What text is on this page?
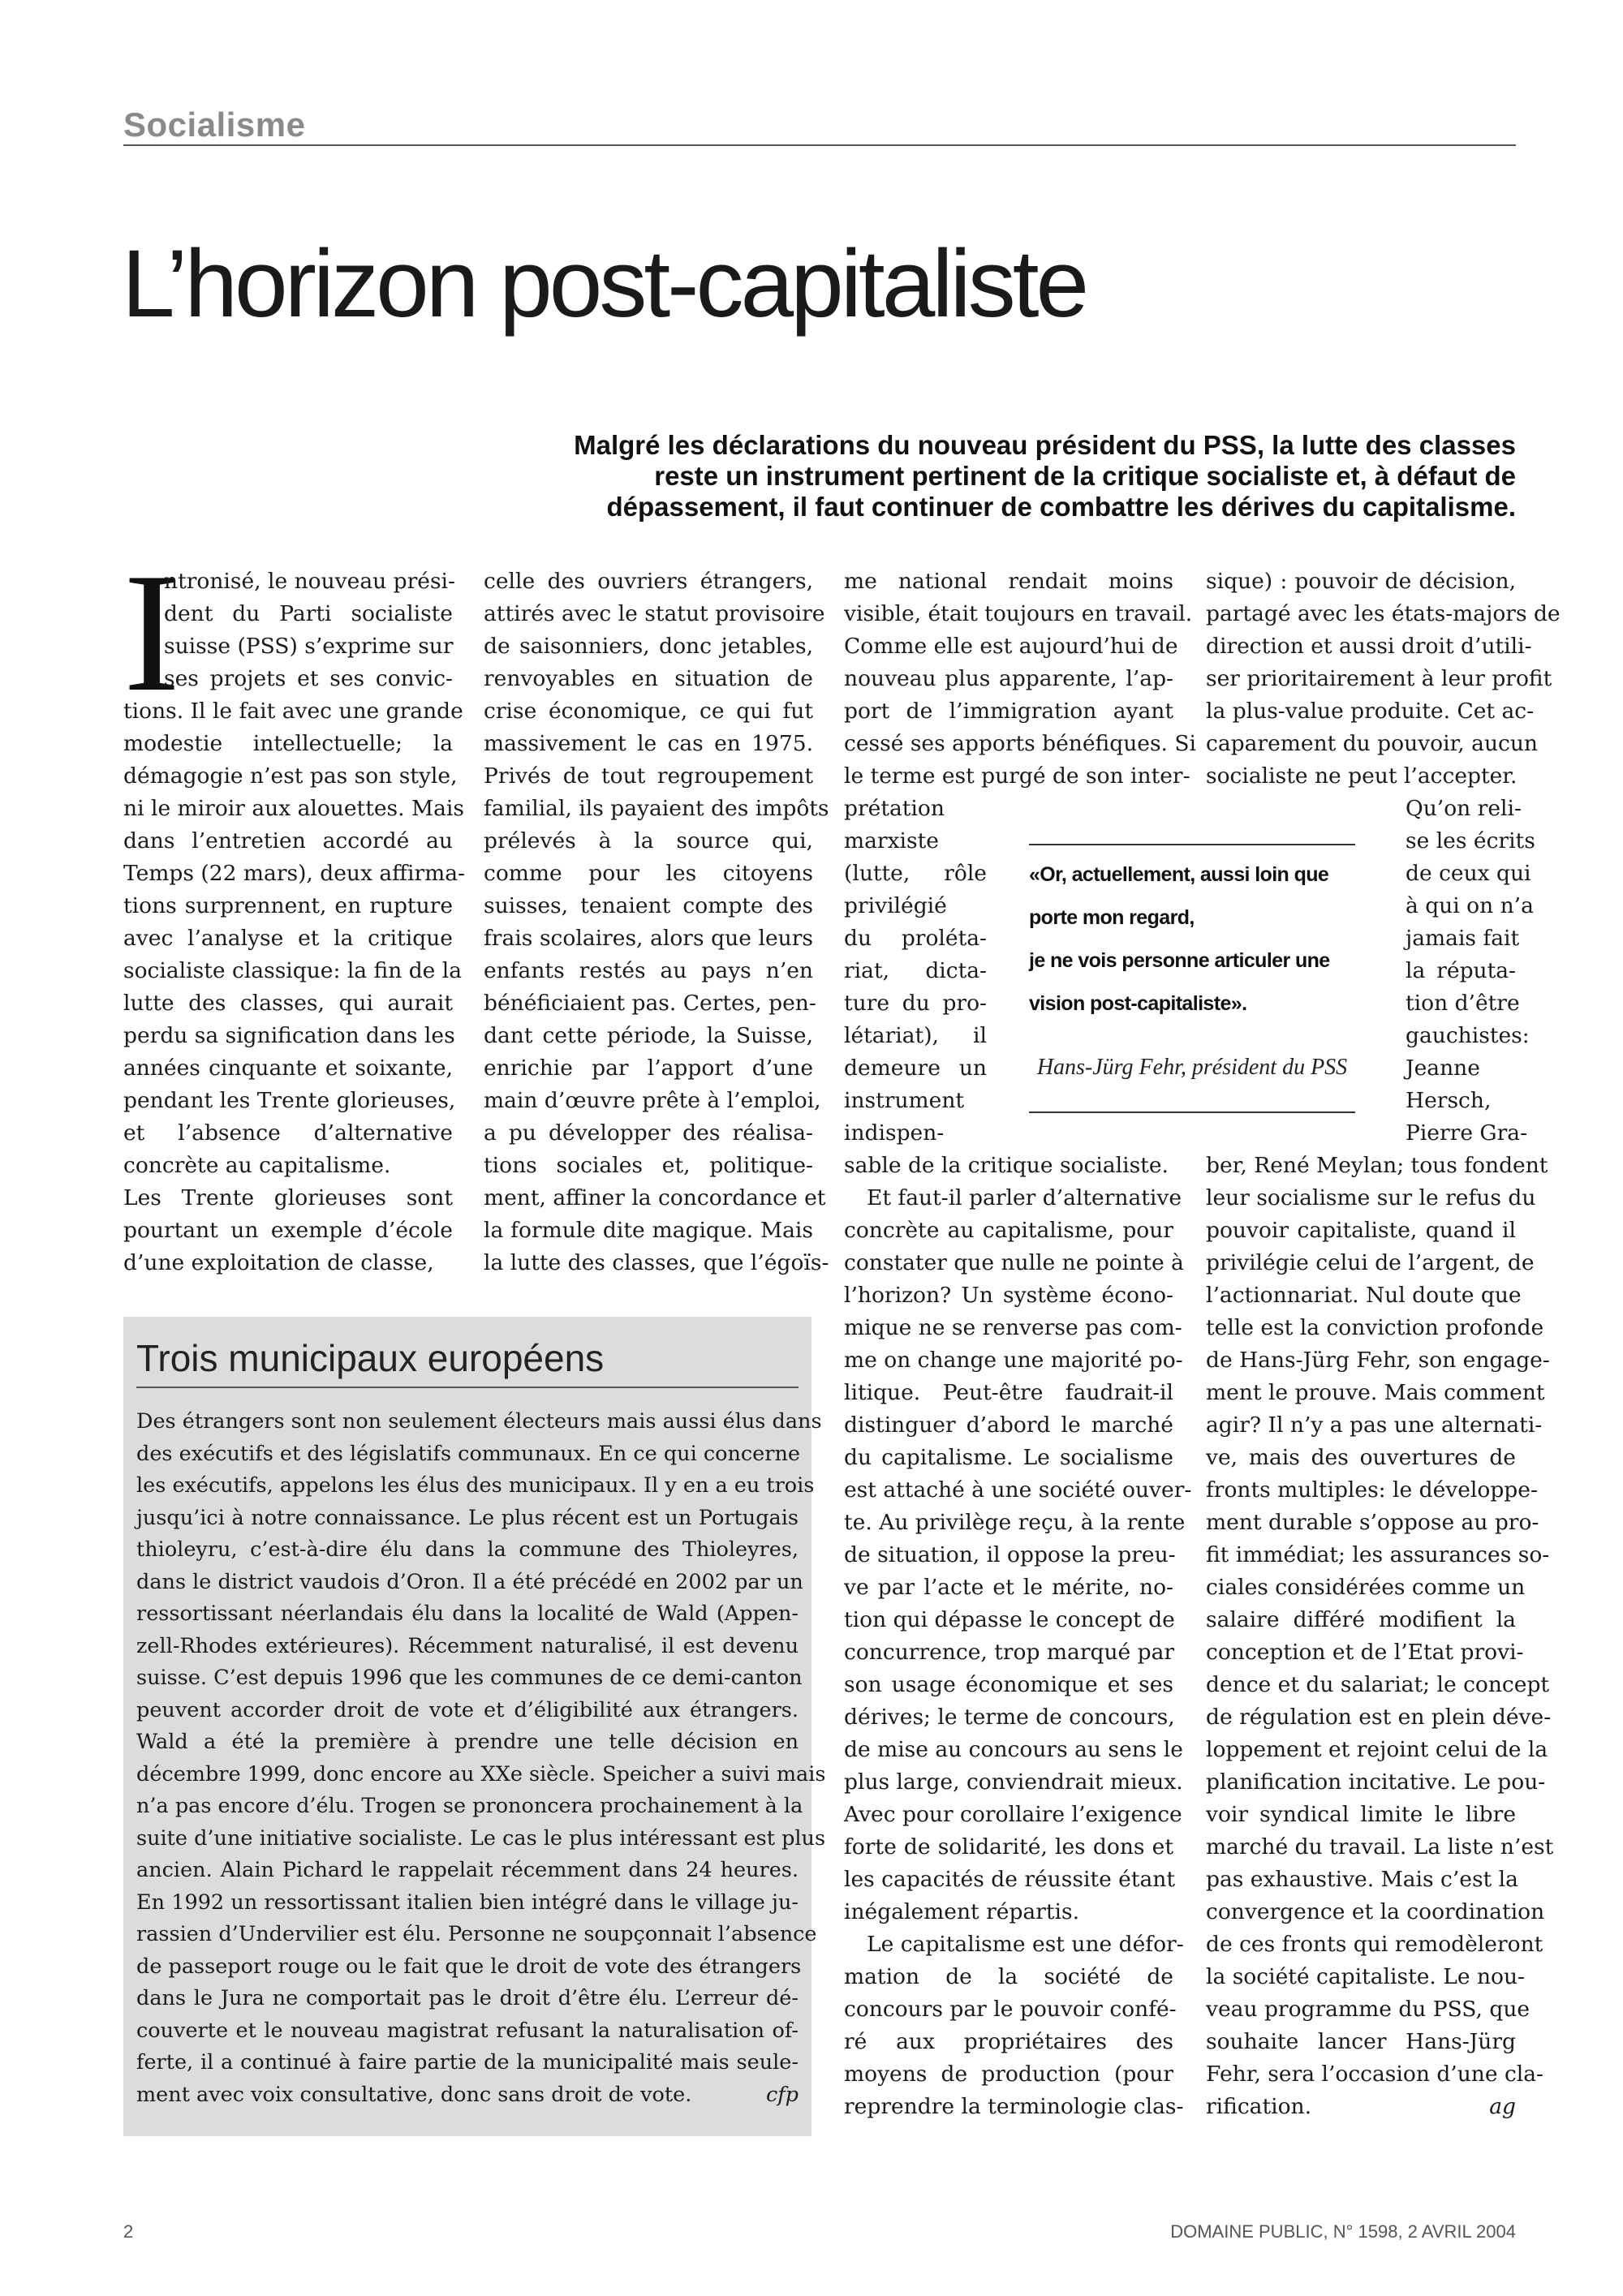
Socialisme
L’horizon post-capitaliste
Malgré les déclarations du nouveau président du PSS, la lutte des classes
reste un instrument pertinent de la critique socialiste et, à défaut de
dépassement, il faut continuer de combattre les dérives du capitalisme.
I
ntronisé, le nouveau prési-
dent du Parti socialiste
suisse (PSS) s’exprime sur
ses projets et ses convic-
tions. Il le fait avec une grande
modestie intellectuelle; la
démagogie n’est pas son style,
ni le miroir aux alouettes. Mais
dans l’entretien accordé au
Temps (22 mars), deux affirma-
tions surprennent, en rupture
avec l’analyse et la critique
socialiste classique: la fin de la
lutte des classes, qui aurait
perdu sa signification dans les
années cinquante et soixante,
pendant les Trente glorieuses,
et l’absence d’alternative
concrète au capitalisme.
Les Trente glorieuses sont
pourtant un exemple d’école
d’une exploitation de classe,
celle des ouvriers étrangers,
attirés avec le statut provisoire
de saisonniers, donc jetables,
renvoyables en situation de
crise économique, ce qui fut
massivement le cas en 1975.
Privés de tout regroupement
familial, ils payaient des impôts
prélevés à la source qui,
comme pour les citoyens
suisses, tenaient compte des
frais scolaires, alors que leurs
enfants restés au pays n’en
bénéficiaient pas. Certes, pen-
dant cette période, la Suisse,
enrichie par l’apport d’une
main d’œuvre prête à l’emploi,
a pu développer des réalisa-
tions sociales et, politique-
ment, affiner la concordance et
la formule dite magique. Mais
la lutte des classes, que l’égoïs-
me national rendait moins
visible, était toujours en travail.
Comme elle est aujourd’hui de
nouveau plus apparente, l’ap-
port de l’immigration ayant
cessé ses apports bénéfiques. Si
le terme est purgé de son inter-
prétation
marxiste
(lutte, rôle
privilégié
du proléta-
riat, dicta-
ture du pro-
létariat), il
demeure un
instrument
indispen-
sable de la critique socialiste.
Et faut-il parler d’alternative
concrète au capitalisme, pour
constater que nulle ne pointe à
l’horizon? Un système écono-
mique ne se renverse pas com-
me on change une majorité po-
litique. Peut-être faudrait-il
distinguer d’abord le marché
du capitalisme. Le socialisme
est attaché à une société ouver-
te. Au privilège reçu, à la rente
de situation, il oppose la preu-
ve par l’acte et le mérite, no-
tion qui dépasse le concept de
concurrence, trop marqué par
son usage économique et ses
dérives; le terme de concours,
de mise au concours au sens le
plus large, conviendrait mieux.
Avec pour corollaire l’exigence
forte de solidarité, les dons et
les capacités de réussite étant
inégalement répartis.
Le capitalisme est une défor-
mation de la société de
concours par le pouvoir confé-
ré aux propriétaires des
moyens de production (pour
reprendre la terminologie clas-
sique) : pouvoir de décision,
partagé avec les états-majors de
direction et aussi droit d’utili-
ser prioritairement à leur profit
la plus-value produite. Cet ac-
caparement du pouvoir, aucun
socialiste ne peut l’accepter.
Qu’on reli-
se les écrits
de ceux qui
à qui on n’a
jamais fait
la réputa-
tion d’être
gauchistes:
Jeanne
Hersch,
Pierre Gra-
ber, René Meylan; tous fondent
leur socialisme sur le refus du
pouvoir capitaliste, quand il
privilégie celui de l’argent, de
l’actionnariat. Nul doute que
telle est la conviction profonde
de Hans-Jürg Fehr, son engage-
ment le prouve. Mais comment
agir? Il n’y a pas une alternati-
ve, mais des ouvertures de
fronts multiples: le développe-
ment durable s’oppose au pro-
fit immédiat; les assurances so-
ciales considérées comme un
salaire différé modifient la
conception et de l’Etat provi-
dence et du salariat; le concept
de régulation est en plein déve-
loppement et rejoint celui de la
planification incitative. Le pou-
voir syndical limite le libre
marché du travail. La liste n’est
pas exhaustive. Mais c’est la
convergence et la coordination
de ces fronts qui remodèleront
la société capitaliste. Le nou-
veau programme du PSS, que
souhaite lancer Hans-Jürg
Fehr, sera l’occasion d’une cla-
rification.	ag
«Or, actuellement, aussi loin que
porte mon regard,
je ne vois personne articuler une
vision post-capitaliste».
Hans-Jürg Fehr, président du PSS
Trois municipaux européens
Des étrangers sont non seulement électeurs mais aussi élus dans
des exécutifs et des législatifs communaux. En ce qui concerne
les exécutifs, appelons les élus des municipaux. Il y en a eu trois
jusqu’ici à notre connaissance. Le plus récent est un Portugais
thioleyru, c’est-à-dire élu dans la commune des Thioleyres,
dans le district vaudois d’Oron. Il a été précédé en 2002 par un
ressortissant néerlandais élu dans la localité de Wald (Appen-
zell-Rhodes extérieures). Récemment naturalisé, il est devenu
suisse. C’est depuis 1996 que les communes de ce demi-canton
peuvent accorder droit de vote et d’éligibilité aux étrangers.
Wald a été la première à prendre une telle décision en
décembre 1999, donc encore au XXe siècle. Speicher a suivi mais
n’a pas encore d’élu. Trogen se prononcera prochainement à la
suite d’une initiative socialiste. Le cas le plus intéressant est plus
ancien. Alain Pichard le rappelait récemment dans 24 heures.
En 1992 un ressortissant italien bien intégré dans le village ju-
rassien d’Undervilier est élu. Personne ne soupçonnait l’absence
de passeport rouge ou le fait que le droit de vote des étrangers
dans le Jura ne comportait pas le droit d’être élu. L’erreur dé-
couverte et le nouveau magistrat refusant la naturalisation of-
ferte, il a continué à faire partie de la municipalité mais seule-
ment avec voix consultative, donc sans droit de vote.	cfp
2	DOMAINE PUBLIC, N° 1598, 2 AVRIL 2004
